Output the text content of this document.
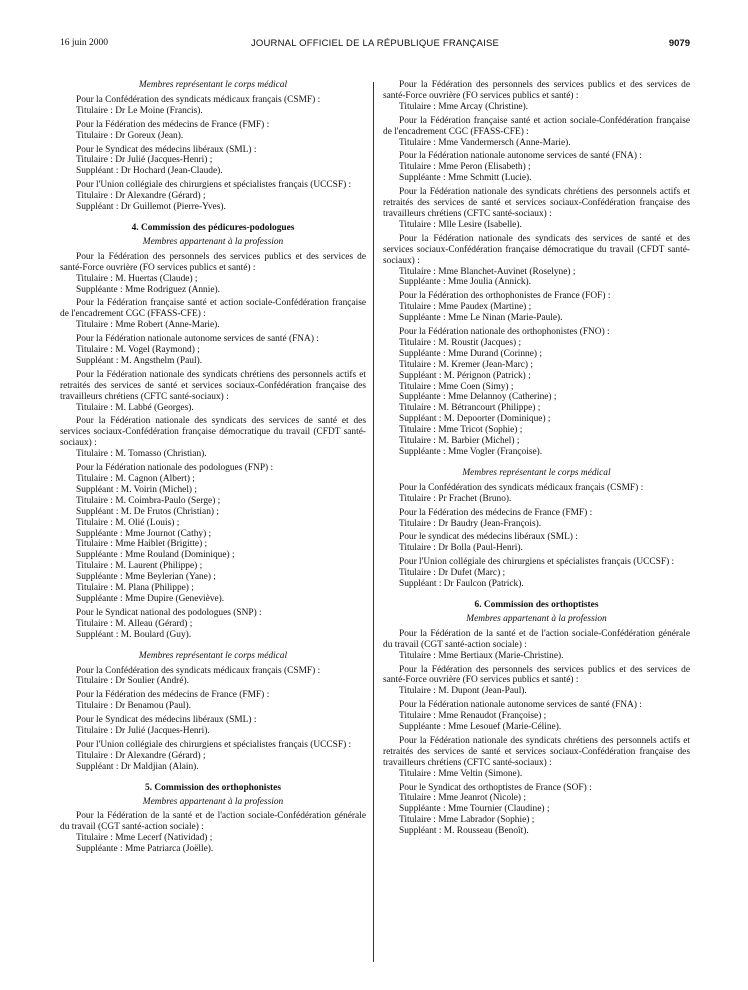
16 juin 2000	JOURNAL OFFICIEL DE LA RÉPUBLIQUE FRANÇAISE	9079

Membres représentant le corps médical

Pour la Confédération des syndicats médicaux français (CSMF) :

Titulaire : Dr Le Moine (Francis).

Pour la Fédération des médecins de France (FMF) :

Titulaire : Dr Goreux (Jean).

Pour le Syndicat des médecins libéraux (SML) :

Titulaire : Dr Julié (Jacques-Henri) ;

Suppléant : Dr Hochard (Jean-Claude).

Pour l'Union collégiale des chirurgiens et spécialistes français (UCCSF) :

Titulaire : Dr Alexandre (Gérard) ;

Suppléant : Dr Guillemot (Pierre-Yves).

4. Commission des pédicures-podologues

Membres appartenant à la profession

Pour la Fédération des personnels des services publics et des services de santé-Force ouvrière (FO services publics et santé) :

Titulaire : M. Huertas (Claude) ;

Suppléante : Mme Rodriguez (Annie).

Pour la Fédération française santé et action sociale-Confédération française de l'encadrement CGC (FFASS-CFE) :

Titulaire : Mme Robert (Anne-Marie).

Pour la Fédération nationale autonome services de santé (FNA) :

Titulaire : M. Vogel (Raymond) ;

Suppléant : M. Angsthelm (Paul).

Pour la Fédération nationale des syndicats chrétiens des personnels actifs et retraités des services de santé et services sociaux-Confédération française des travailleurs chrétiens (CFTC santé-sociaux) :

Titulaire : M. Labbé (Georges).

Pour la Fédération nationale des syndicats des services de santé et des services sociaux-Confédération française démocratique du travail (CFDT santé-sociaux) :

Titulaire : M. Tomasso (Christian).

Pour la Fédération nationale des podologues (FNP) :

Titulaire : M. Cagnon (Albert) ;

Suppléant : M. Voirin (Michel) ;

Titulaire : M. Coimbra-Paulo (Serge) ;

Suppléant : M. De Frutos (Christian) ;

Titulaire : M. Olié (Louis) ;

Suppléante : Mme Journot (Cathy) ;

Titulaire : Mme Haiblet (Brigitte) ;

Suppléante : Mme Rouland (Dominique) ;

Titulaire : M. Laurent (Philippe) ;

Suppléante : Mme Beylerian (Yane) ;

Titulaire : M. Plana (Philippe) ;

Suppléante : Mme Dupire (Geneviève).

Pour le Syndicat national des podologues (SNP) :

Titulaire : M. Alleau (Gérard) ;

Suppléant : M. Boulard (Guy).

Membres représentant le corps médical

Pour la Confédération des syndicats médicaux français (CSMF) :

Titulaire : Dr Soulier (André).

Pour la Fédération des médecins de France (FMF) :

Titulaire : Dr Benamou (Paul).

Pour le Syndicat des médecins libéraux (SML) :

Titulaire : Dr Julié (Jacques-Henri).

Pour l'Union collégiale des chirurgiens et spécialistes français (UCCSF) :

Titulaire : Dr Alexandre (Gérard) ;

Suppléant : Dr Maldjian (Alain).

5. Commission des orthophonistes

Membres appartenant à la profession

Pour la Fédération de la santé et de l'action sociale-Confédération générale du travail (CGT santé-action sociale) :

Titulaire : Mme Lecerf (Natividad) ;

Suppléante : Mme Patriarca (Joëlle).

Pour la Fédération des personnels des services publics et des services de santé-Force ouvrière (FO services publics et santé) :

Titulaire : Mme Arcay (Christine).

Pour la Fédération française santé et action sociale-Confédération française de l'encadrement CGC (FFASS-CFE) :

Titulaire : Mme Vandermersch (Anne-Marie).

Pour la Fédération nationale autonome services de santé (FNA) :

Titulaire : Mme Peron (Elisabeth) ;

Suppléante : Mme Schmitt (Lucie).

Pour la Fédération nationale des syndicats chrétiens des personnels actifs et retraités des services de santé et services sociaux-Confédération française des travailleurs chrétiens (CFTC santé-sociaux) :

Titulaire : Mlle Lesire (Isabelle).

Pour la Fédération nationale des syndicats des services de santé et des services sociaux-Confédération française démocratique du travail (CFDT santé-sociaux) :

Titulaire : Mme Blanchet-Auvinet (Roselyne) ;

Suppléante : Mme Joulia (Annick).

Pour la Fédération des orthophonistes de France (FOF) :

Titulaire : Mme Paudex (Martine) ;

Suppléante : Mme Le Ninan (Marie-Paule).

Pour la Fédération nationale des orthophonistes (FNO) :

Titulaire : M. Roustit (Jacques) ;

Suppléante : Mme Durand (Corinne) ;

Titulaire : M. Kremer (Jean-Marc) ;

Suppléant : M. Pérignon (Patrick) ;

Titulaire : Mme Coen (Simy) ;

Suppléante : Mme Delannoy (Catherine) ;

Titulaire : M. Bétrancourt (Philippe) ;

Suppléant : M. Depoorter (Dominique) ;

Titulaire : Mme Tricot (Sophie) ;

Titulaire : M. Barbier (Michel) ;

Suppléante : Mme Vogler (Françoise).

Membres représentant le corps médical

Pour la Confédération des syndicats médicaux français (CSMF) :

Titulaire : Pr Frachet (Bruno).

Pour la Fédération des médecins de France (FMF) :

Titulaire : Dr Baudry (Jean-François).

Pour le syndicat des médecins libéraux (SML) :

Titulaire : Dr Bolla (Paul-Henri).

Pour l'Union collégiale des chirurgiens et spécialistes français (UCCSF) :

Titulaire : Dr Dufet (Marc) ;

Suppléant : Dr Faulcon (Patrick).

6. Commission des orthoptistes

Membres appartenant à la profession

Pour la Fédération de la santé et de l'action sociale-Confédération générale du travail (CGT santé-action sociale) :

Titulaire : Mme Bertiaux (Marie-Christine).

Pour la Fédération des personnels des services publics et des services de santé-Force ouvrière (FO services publics et santé) :

Titulaire : M. Dupont (Jean-Paul).

Pour la Fédération nationale autonome services de santé (FNA) :

Titulaire : Mme Renaudot (Françoise) ;

Suppléante : Mme Lesouef (Marie-Céline).

Pour la Fédération nationale des syndicats chrétiens des personnels actifs et retraités des services de santé et services sociaux-Confédération française des travailleurs chrétiens (CFTC santé-sociaux) :

Titulaire : Mme Veltin (Simone).

Pour le Syndicat des orthoptistes de France (SOF) :

Titulaire : Mme Jeanrot (Nicole) ;

Suppléante : Mme Tournier (Claudine) ;

Titulaire : Mme Labrador (Sophie) ;

Suppléant : M. Rousseau (Benoît).
